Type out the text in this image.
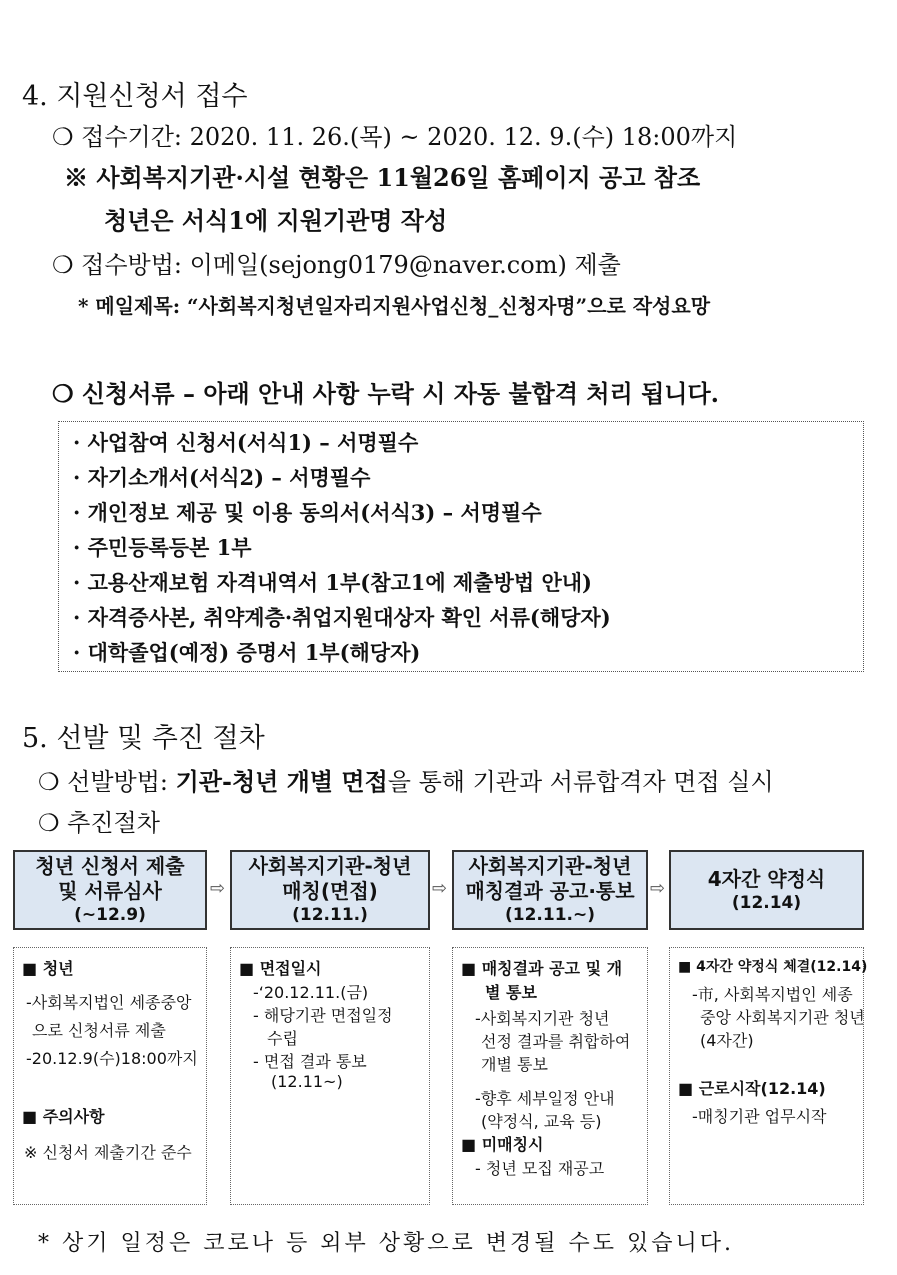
4. 지원신청서 접수
❍ 접수기간: 2020. 11. 26.(목) ~ 2020. 12. 9.(수) 18:00까지
※ 사회복지기관·시설 현황은 11월26일 홈페이지 공고 참조
청년은 서식1에 지원기관명 작성
❍ 접수방법: 이메일(sejong0179@naver.com) 제출
* 메일제목: “사회복지청년일자리지원사업신청_신청자명”으로 작성요망
❍ 신청서류 – 아래 안내 사항 누락 시 자동 불합격 처리 됩니다.
· 사업참여 신청서(서식1) – 서명필수
· 자기소개서(서식2) – 서명필수
· 개인정보 제공 및 이용 동의서(서식3) – 서명필수
· 주민등록등본 1부
· 고용산재보험 자격내역서 1부(참고1에 제출방법 안내)
· 자격증사본, 취약계층·취업지원대상자 확인 서류(해당자)
· 대학졸업(예정) 증명서 1부(해당자)
5. 선발 및 추진 절차
❍ 선발방법: 기관-청년 개별 면접을 통해 기관과 서류합격자 면접 실시
❍ 추진절차
청년 신청서 제출
및 서류심사
(~12.9)
⇨
사회복지기관-청년
매칭(면접)
(12.11.)
⇨
사회복지기관-청년
매칭결과 공고·통보
(12.11.~)
⇨ 4자간 약정식
(12.14)
■ 청년
-사회복지법인 세종중앙
으로 신청서류 제출
-20.12.9(수)18:00까지
■ 주의사항
※ 신청서 제출기간 준수
■ 면접일시
-‘20.12.11.(금)
- 해당기관 면접일정
수립
- 면접 결과 통보
(12.11~)
■ 매칭결과 공고 및 개
별 통보
-사회복지기관 청년
선정 결과를 취합하여
개별 통보
-향후 세부일정 안내
(약정식, 교육 등)
■ 미매칭시
- 청년 모집 재공고
■ 4자간 약정식 체결(12.14)
-市, 사회복지법인 세종
중앙 사회복지기관 청년
(4자간)
■ 근로시작(12.14)
-매칭기관 업무시작
* 상기 일정은 코로나 등 외부 상황으로 변경될 수도 있습니다.
